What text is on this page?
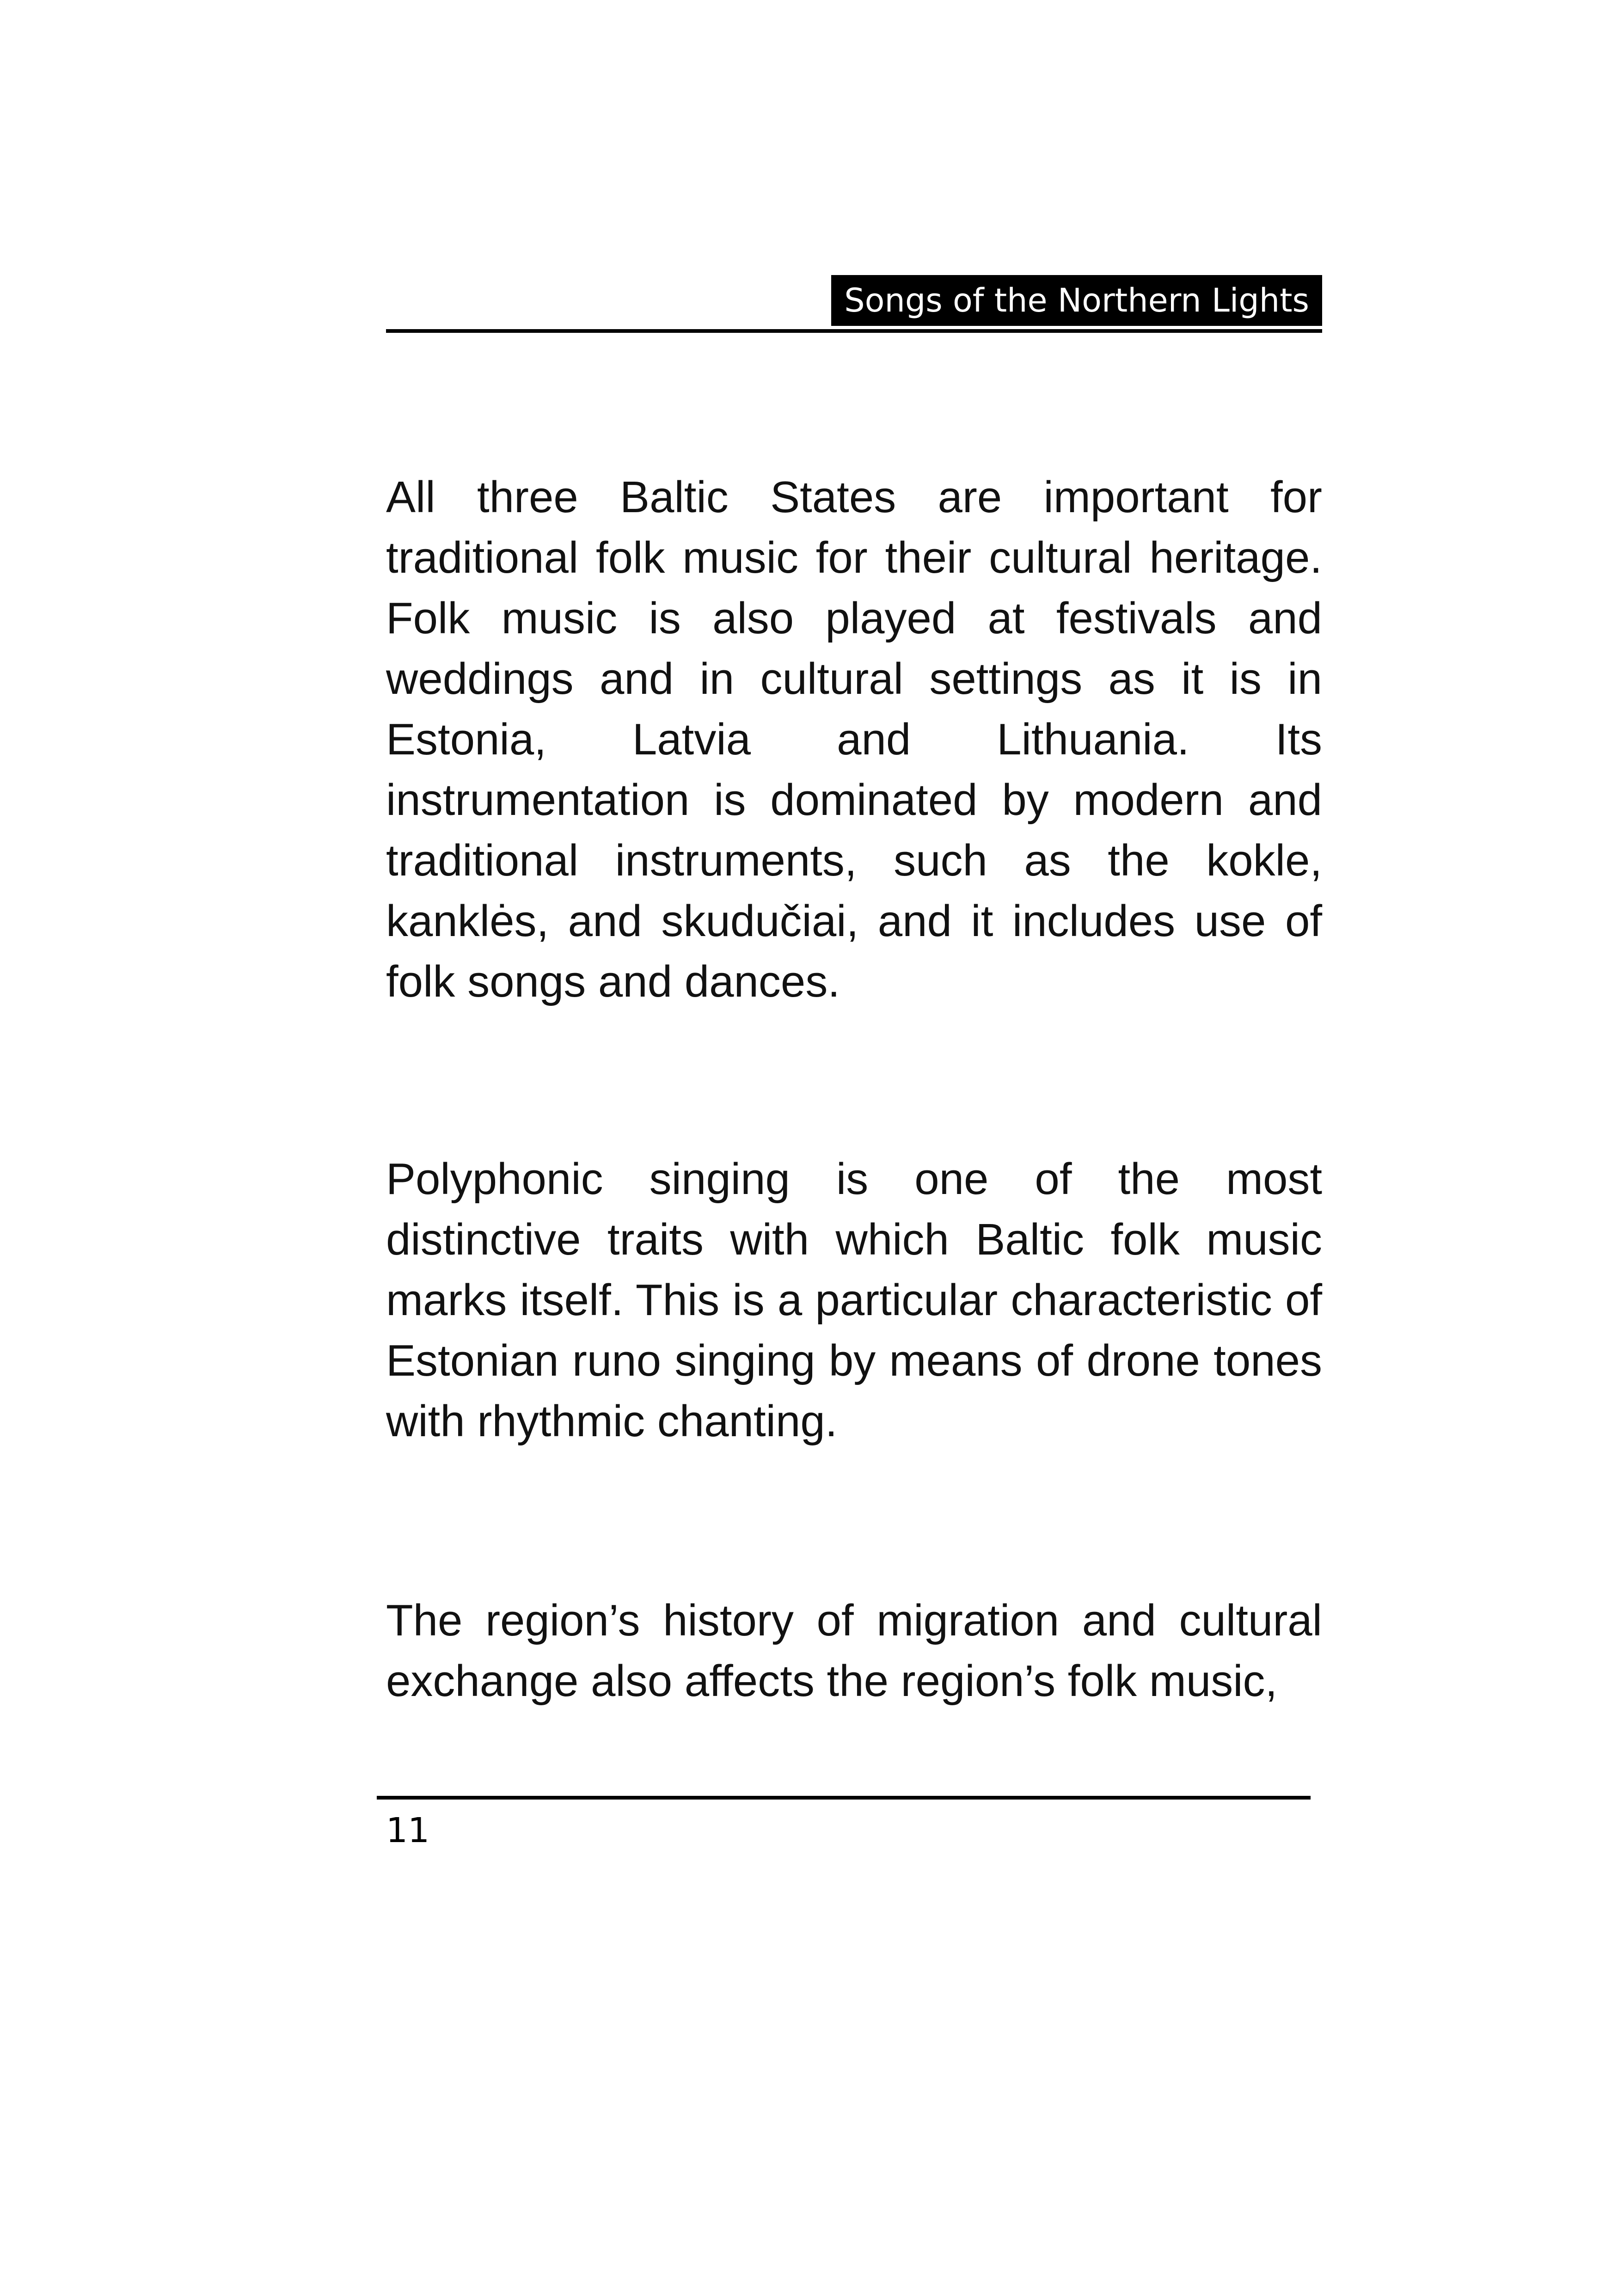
Songs of the Northern Lights

All three Baltic States are important for traditional folk music for their cultural heritage. Folk music is also played at festivals and weddings and in cultural settings as it is in Estonia, Latvia and Lithuania. Its instrumentation is dominated by modern and traditional instruments, such as the kokle, kanklės, and skudučiai, and it includes use of folk songs and dances.

Polyphonic singing is one of the most distinctive traits with which Baltic folk music marks itself. This is a particular characteristic of Estonian runo singing by means of drone tones with rhythmic chanting.

The region’s history of migration and cultural exchange also affects the region’s folk music,

11
